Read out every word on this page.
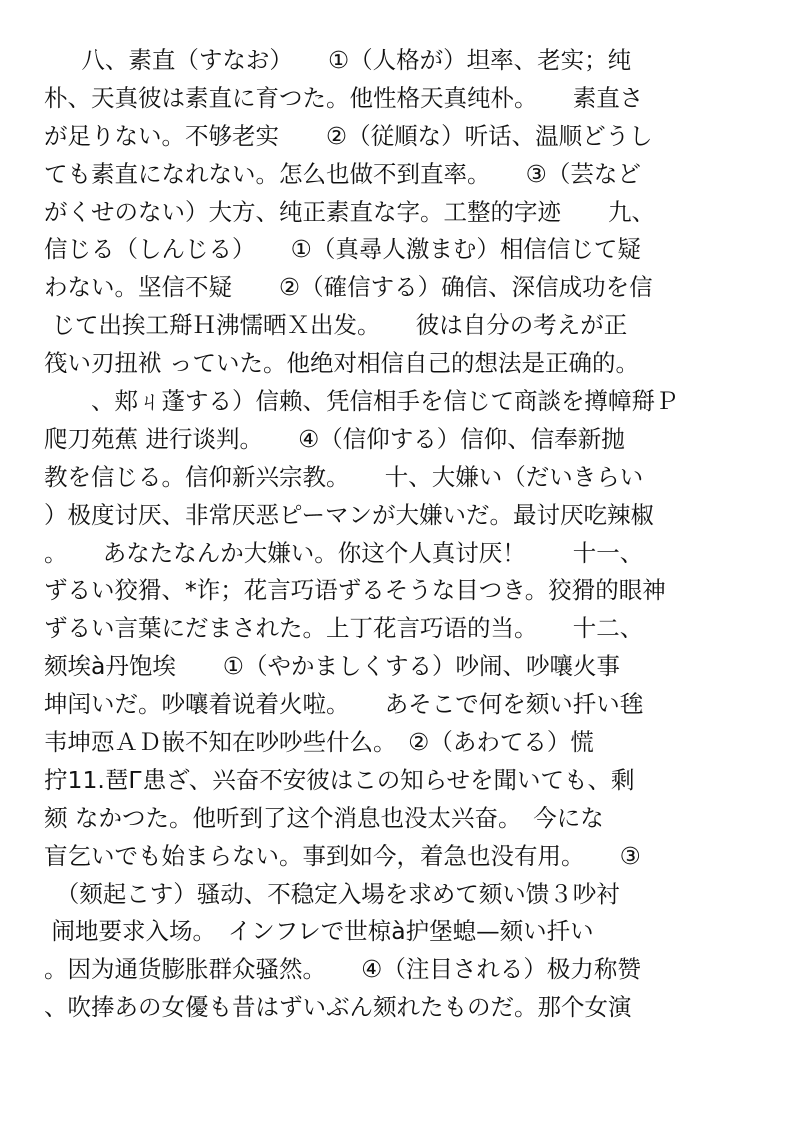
八、素直（すなお）　　①（人格が）坦率、老实；纯
朴、天真彼は素直に育つた。他性格天真纯朴。　　素直さ
が足りない。不够老实　　②（従順な）听话、温顺どうし
ても素直になれない。怎么也做不到直率。　　③（芸など
がくせのない）大方、纯正素直な字。工整的字迹　　九、
信じる（しんじる）　　①（真尋人激まむ）相信信じて疑
わない。坚信不疑　　②（確信する）确信、深信成功を信
じて出挨工搿Ｈ沸懦晒Ｘ出发。　　彼は自分の考えが正
筏い刃扭袱 っていた。他绝对相信自己的想法是正确的。
　　、郏ㄐ蓬する）信赖、凭信相手を信じて商談を撙幛搿Ｐ
爬刀苑蕉 进行谈判。　　④（信仰する）信仰、信奉新抛
教を信じる。信仰新兴宗教。　　十、大嫌い（だいきらい
）极度讨厌、非常厌恶ピーマンが大嫌いだ。最讨厌吃辣椒
。　　あなたなんか大嫌い。你这个人真讨厌！　　十一、
ずるい狡猾、*诈；花言巧语ずるそうな目つき。狡猾的眼神
ずるい言葉にだまされた。上丁花言巧语的当。　　十二、
颏埃à丹饱埃　　①（やかましくする）吵闹、吵嚷火事
坤闰いだ。吵嚷着说着火啦。　　あそこで何を颏い扦い毪
韦坤恧ＡＤ嵌不知在吵吵些什么。　②（あわてる）慌
拧11.琶Г患ざ、兴奋不安彼はこの知らせを聞いても、剩
颏 なかつた。他听到了这个消息也没太兴奋。　今にな
盲乞いでも始まらない。事到如今，着急也没有用。　　③
　（颏起こす）骚动、不稳定入場を求めて颏い馈３吵衬
闹地要求入场。　インフレで世椋à护堡螅—颏い扦い
。因为通货膨胀群众骚然。　　④（注目される）极力称赞
、吹捧あの女優も昔はずいぶん颏れたものだ。那个女演
